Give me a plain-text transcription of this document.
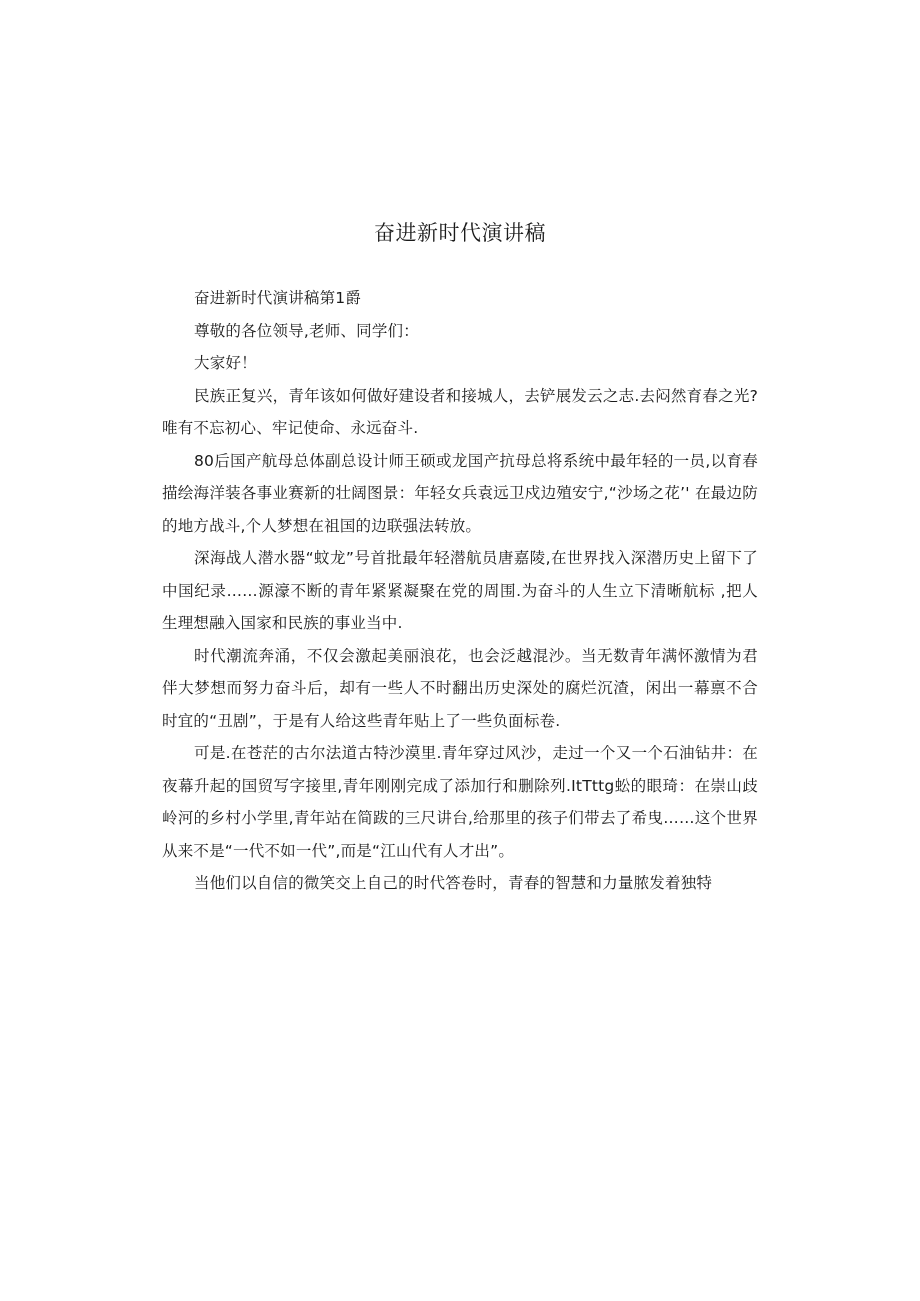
奋进新时代演讲稿

奋进新时代演讲稿第1爵

尊敬的各位领导,老师、同学们：

大家好！

民族正复兴，青年该如何做好建设者和接城人，去铲展发云之志.去闷然育春之光?唯有不忘初心、牢记使命、永远奋斗.

80后国产航母总体副总设计师王硕或龙国产抗母总将系统中最年轻的一员,以育春描绘海洋装各事业赛新的壮阔图景：年轻女兵袁远卫戍边殖安宁,“沙场之花’' 在最边防的地方战斗,个人梦想在祖国的边联强法转放。

深海战人潜水器“蚊龙”号首批最年轻潜航员唐嘉陵,在世界找入深潜历史上留下了中国纪录……源濠不断的青年紧紧凝聚在党的周围.为奋斗的人生立下清晰航标 ,把人生理想融入国家和民族的事业当中.

时代潮流奔涌，不仅会激起美丽浪花，也会泛越混沙。当无数青年满怀激情为君伴大梦想而努力奋斗后，却有一些人不时翻出历史深处的腐烂沉渣，闲出一幕禀不合时宜的“丑剧”，于是有人给这些青年贴上了一些负面标卷.

可是.在苍茫的古尔法道古特沙漠里.青年穿过风沙，走过一个又一个石油钻井：在夜幕升起的国贸写字接里,青年刚刚完成了添加行和删除列.ItTttg蚣的眼琦：在崇山歧岭河的乡村小学里,青年站在简跋的三尺讲台,给那里的孩子们带去了希曳……这个世界从来不是“一代不如一代”,而是“江山代有人才出”。

当他们以自信的微笑交上自己的时代答卷时，青春的智慧和力量脓发着独特
